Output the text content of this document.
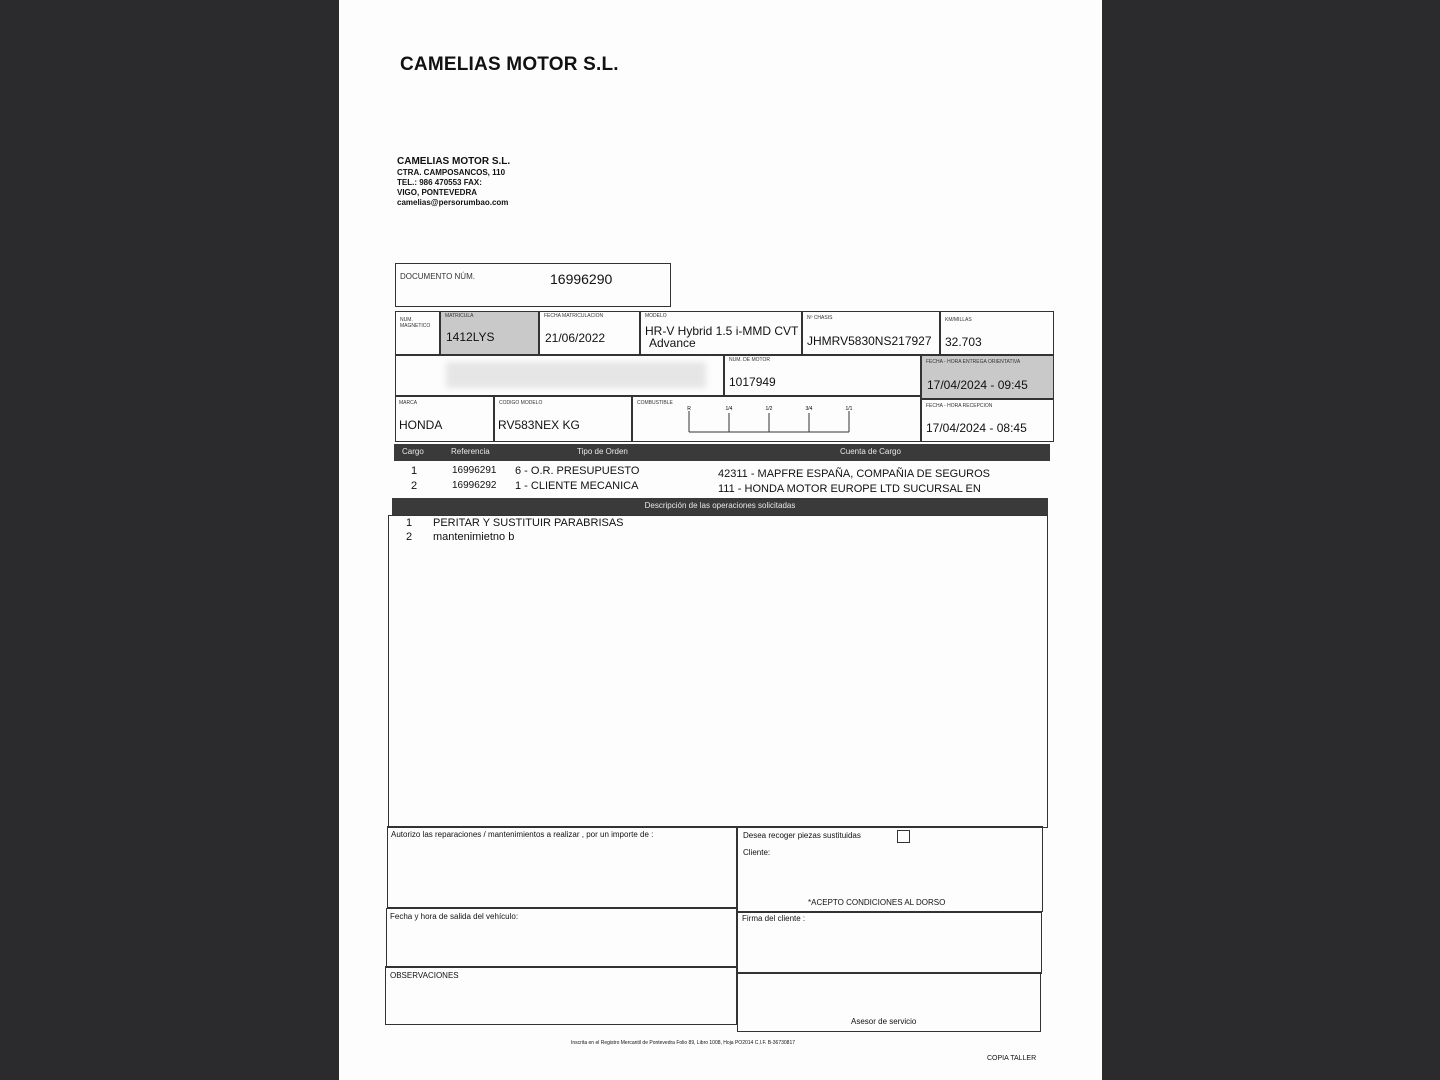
CAMELIAS MOTOR S.L.
CAMELIAS MOTOR S.L.
CTRA. CAMPOSANCOS, 110
TEL.: 986 470553 FAX:
VIGO, PONTEVEDRA
camelias@persorumbao.com
DOCUMENTO NÚM.	16996290
NUM. MAGNETICO
MATRICULA
1412LYS
FECHA MATRICULACION
21/06/2022
MODELO
HR-V Hybrid 1.5 i-MMD CVT
Advance
Nº CHASIS
JHMRV5830NS217927
KM/MILLAS
32.703
NUM. DE MOTOR
1017949
FECHA - HORA ENTREGA ORIENTATIVA
17/04/2024 - 09:45
MARCA
HONDA
CODIGO MODELO
RV583NEX KG
COMBUSTIBLE
R	1/4	1/2	3/4	1/1	FECHA - HORA RECEPCION
17/04/2024 - 08:45
Cargo	Referencia	Tipo de Orden	Cuenta de Cargo
1	16996291 6 - O.R. PRESUPUESTO	42311 - MAPFRE ESPAÑA, COMPAÑIA DE SEGUROS
2	16996292 1 - CLIENTE MECANICA	111 - HONDA MOTOR EUROPE LTD SUCURSAL EN
Descripción de las operaciones solicitadas
1 PERITAR Y SUSTITUIR PARABRISAS
2 mantenimietno b
Autorizo las reparaciones / mantenimientos a realizar , por un importe de :	Desea recoger piezas sustituidas
Cliente:
*ACEPTO CONDICIONES AL DORSO
Fecha y hora de salida del vehículo:	Firma del cliente :
OBSERVACIONES
Asesor de servicio
Inscrita en el Registro Mercantil de Pontevedra Folio 89, Libro 1008, Hoja PO2014 C.I.F. B-36730817
COPIA TALLER
